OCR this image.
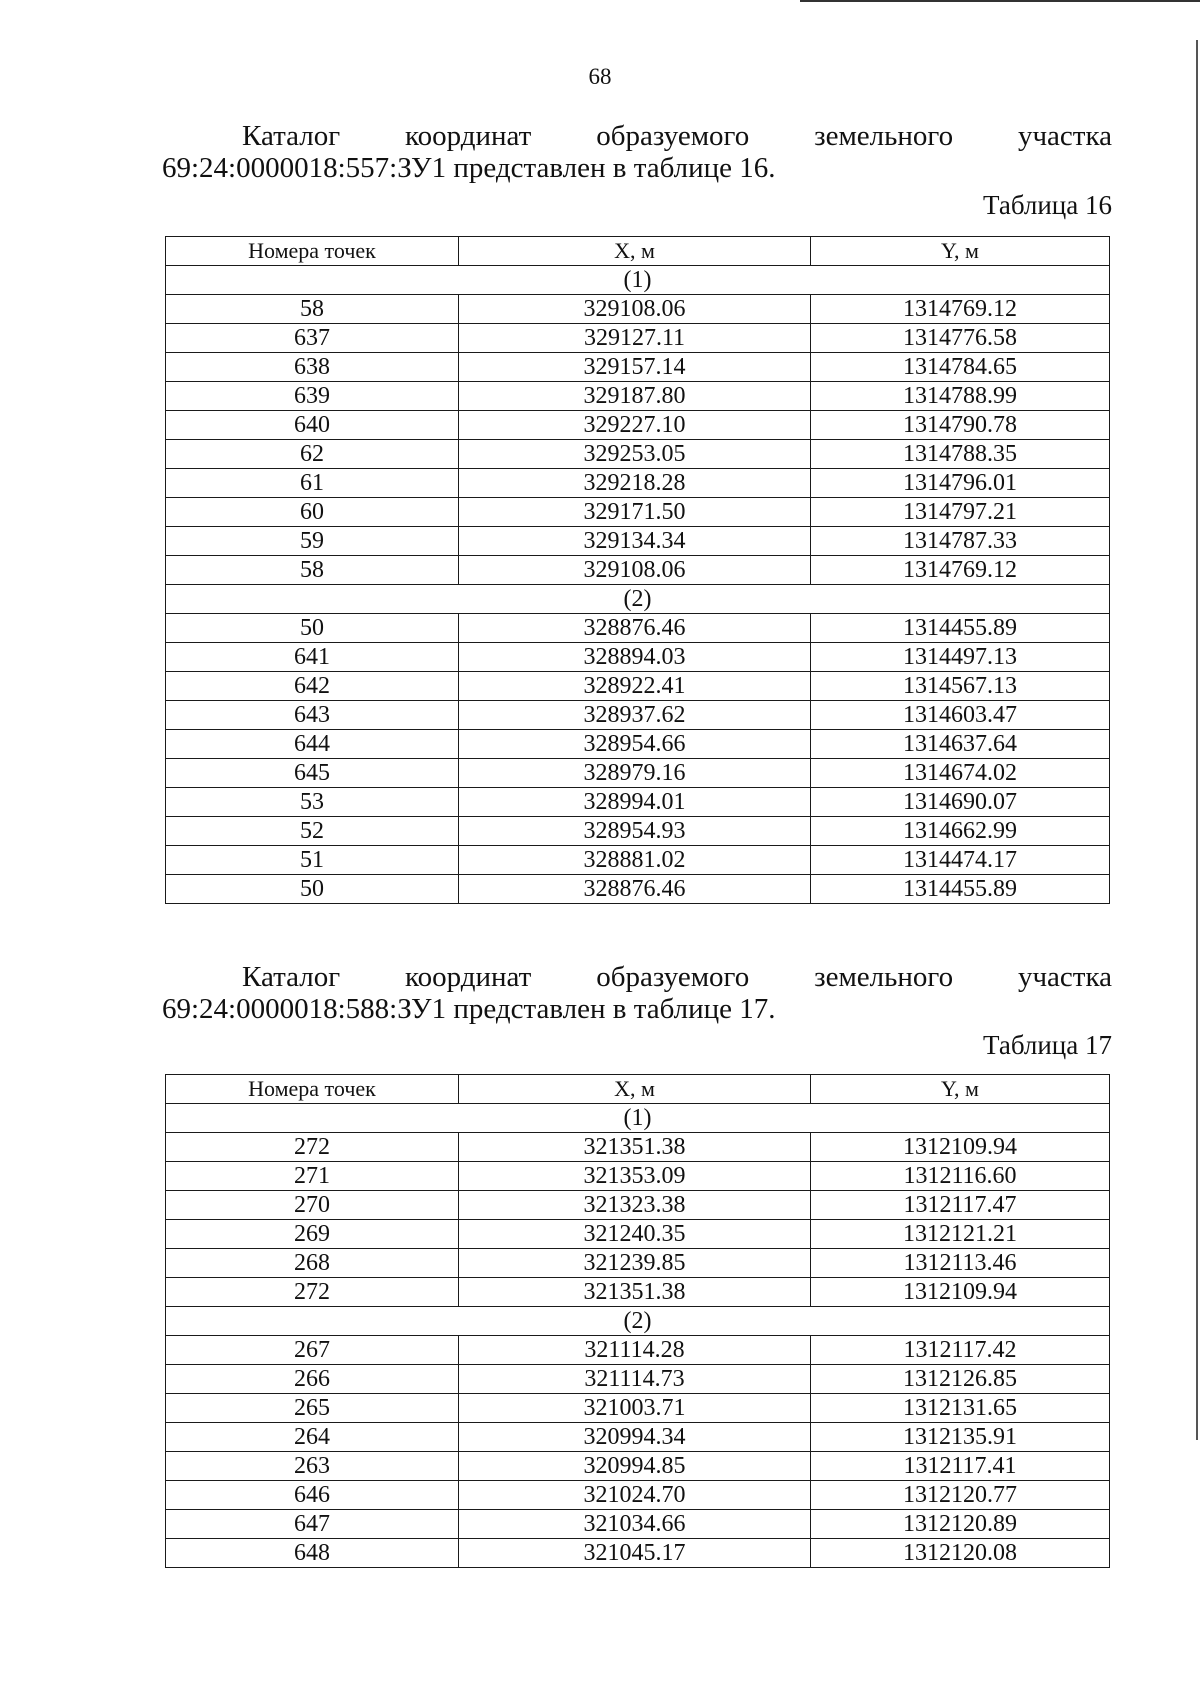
68
Каталог координат образуемого земельного участка
69:24:0000018:557:ЗУ1 представлен в таблице 16.
Таблица 16
Номера точек	X, м	Y, м
(1)		
58	329108.06	1314769.12
637	329127.11	1314776.58
638	329157.14	1314784.65
639	329187.80	1314788.99
640	329227.10	1314790.78
62	329253.05	1314788.35
61	329218.28	1314796.01
60	329171.50	1314797.21
59	329134.34	1314787.33
58	329108.06	1314769.12
(2)		
50	328876.46	1314455.89
641	328894.03	1314497.13
642	328922.41	1314567.13
643	328937.62	1314603.47
644	328954.66	1314637.64
645	328979.16	1314674.02
53	328994.01	1314690.07
52	328954.93	1314662.99
51	328881.02	1314474.17
50	328876.46	1314455.89
Каталог координат образуемого земельного участка
69:24:0000018:588:ЗУ1 представлен в таблице 17.
Таблица 17
Номера точек	X, м	Y, м
(1)		
272	321351.38	1312109.94
271	321353.09	1312116.60
270	321323.38	1312117.47
269	321240.35	1312121.21
268	321239.85	1312113.46
272	321351.38	1312109.94
(2)		
267	321114.28	1312117.42
266	321114.73	1312126.85
265	321003.71	1312131.65
264	320994.34	1312135.91
263	320994.85	1312117.41
646	321024.70	1312120.77
647	321034.66	1312120.89
648	321045.17	1312120.08
